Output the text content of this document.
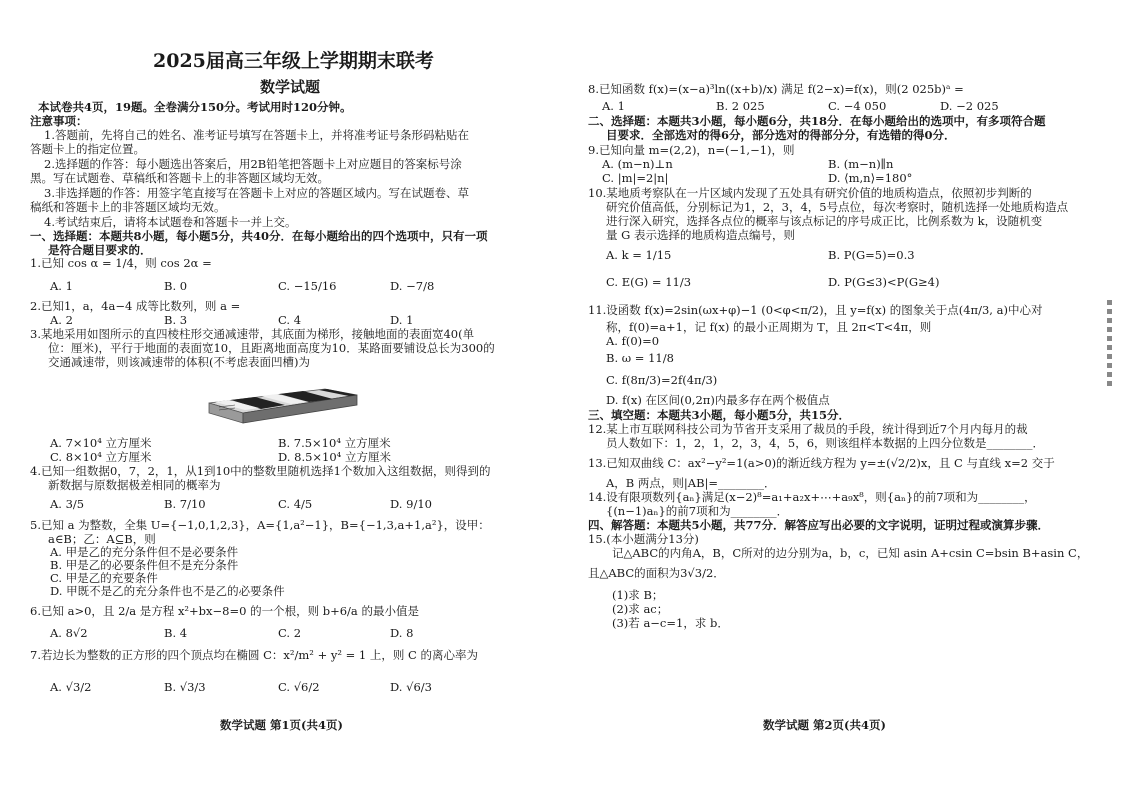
2025届高三年级上学期期末联考
数学试题
本试卷共4页，19题。全卷满分150分。考试用时120分钟。
注意事项：
1.答题前，先将自己的姓名、准考证号填写在答题卡上，并将准考证号条形码粘贴在
答题卡上的指定位置。
2.选择题的作答：每小题选出答案后，用2B铅笔把答题卡上对应题目的答案标号涂
黑。写在试题卷、草稿纸和答题卡上的非答题区域均无效。
3.非选择题的作答：用签字笔直接写在答题卡上对应的答题区域内。写在试题卷、草
稿纸和答题卡上的非答题区域均无效。
4.考试结束后，请将本试题卷和答题卡一并上交。
一、选择题：本题共8小题，每小题5分，共40分．在每小题给出的四个选项中，只有一项
是符合题目要求的．
1.已知 cos α = 1/4，则 cos 2α =
A. 1	B. 0	C. −15/16	D. −7/8
2.已知1，a，4a−4 成等比数列，则 a =
A. 2	B. 3	C. 4	D. 1
3.某地采用如图所示的直四棱柱形交通减速带，其底面为梯形，接触地面的表面宽40(单
位：厘米)，平行于地面的表面宽10，且距离地面高度为10．某路面要铺设总长为300的
交通减速带，则该减速带的体积(不考虑表面凹槽)为
A. 7×10⁴ 立方厘米	B. 7.5×10⁴ 立方厘米
C. 8×10⁴ 立方厘米	D. 8.5×10⁴ 立方厘米
4.已知一组数据0，7，2，1，从1到10中的整数里随机选择1个数加入这组数据，则得到的
新数据与原数据极差相同的概率为
A. 3/5	B. 7/10	C. 4/5	D. 9/10
5.已知 a 为整数，全集 U={−1,0,1,2,3}，A={1,a²−1}，B={−1,3,a+1,a²}，设甲：
a∈B；乙：A⊆B，则
A. 甲是乙的充分条件但不是必要条件
B. 甲是乙的必要条件但不是充分条件
C. 甲是乙的充要条件
D. 甲既不是乙的充分条件也不是乙的必要条件
6.已知 a>0，且 2/a 是方程 x²+bx−8=0 的一个根，则 b+6/a 的最小值是
A. 8√2	B. 4	C. 2	D. 8
7.若边长为整数的正方形的四个顶点均在椭圆 C：x²/m² + y² = 1 上，则 C 的离心率为
A. √3/2	B. √3/3	C. √6/2	D. √6/3
数学试题 第1页(共4页)
8.已知函数 f(x)=(x−a)³ln((x+b)/x) 满足 f(2−x)=f(x)，则(2 025b)ᵃ =
A. 1	B. 2 025	C. −4 050	D. −2 025
二、选择题：本题共3小题，每小题6分，共18分．在每小题给出的选项中，有多项符合题
目要求．全部选对的得6分，部分选对的得部分分，有选错的得0分．
9.已知向量 m=(2,2)，n=(−1,−1)，则
A. (m−n)⊥n	B. (m−n)∥n
C. |m|=2|n|	D. ⟨m,n⟩=180°
10.某地质考察队在一片区域内发现了五处具有研究价值的地质构造点，依照初步判断的
研究价值高低，分别标记为1，2，3，4，5号点位，每次考察时，随机选择一处地质构造点
进行深入研究，选择各点位的概率与该点标记的序号成正比，比例系数为 k，设随机变
量 G 表示选择的地质构造点编号，则
A. k = 1/15	B. P(G=5)=0.3
C. E(G) = 11/3	D. P(G≤3)<P(G≥4)
11.设函数 f(x)=2sin(ωx+φ)−1 (0<φ<π/2)，且 y=f(x) 的图象关于点(4π/3, a)中心对
称，f(0)=a+1，记 f(x) 的最小正周期为 T，且 2π<T<4π，则
A. f(0)=0
B. ω = 11/8
C. f(8π/3)=2f(4π/3)
D. f(x) 在区间(0,2π)内最多存在两个极值点
三、填空题：本题共3小题，每小题5分，共15分．
12.某上市互联网科技公司为节省开支采用了裁员的手段，统计得到近7个月内每月的裁
员人数如下：1，2，1，2，3，4，5，6，则该组样本数据的上四分位数是________．
13.已知双曲线 C：ax²−y²=1(a>0)的渐近线方程为 y=±(√2/2)x，且 C 与直线 x=2 交于
A，B 两点，则|AB|=________．
14.设有限项数列{aₙ}满足(x−2)⁸=a₁+a₂x+⋯+a₉x⁸，则{aₙ}的前7项和为________，
{(n−1)aₙ}的前7项和为________．
四、解答题：本题共5小题，共77分．解答应写出必要的文字说明，证明过程或演算步骤．
15.(本小题满分13分)
记△ABC的内角A，B，C所对的边分别为a，b，c，已知 asin A+csin C=bsin B+asin C，
且△ABC的面积为3√3/2．
(1)求 B；
(2)求 ac；
(3)若 a−c=1，求 b．
数学试题 第2页(共4页)
